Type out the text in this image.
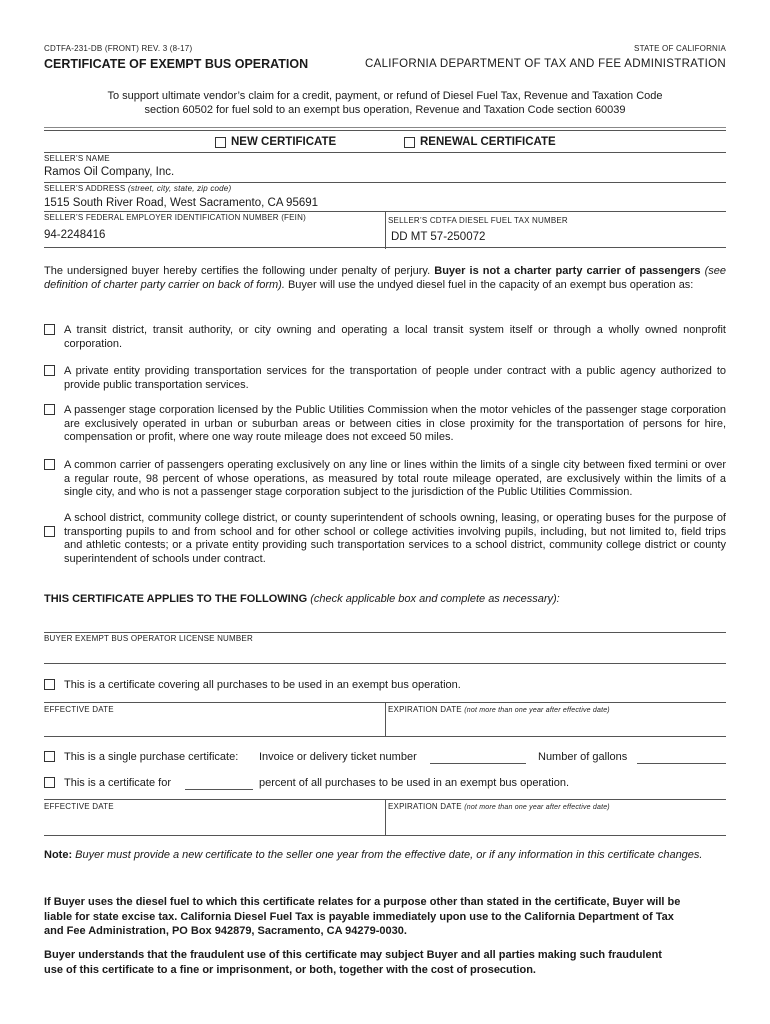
CDTFA-231-DB (FRONT) REV. 3 (8-17)	STATE OF CALIFORNIA
CERTIFICATE OF EXEMPT BUS OPERATION	CALIFORNIA DEPARTMENT OF TAX AND FEE ADMINISTRATION
To support ultimate vendor’s claim for a credit, payment, or refund of Diesel Fuel Tax, Revenue and Taxation Code
section 60502 for fuel sold to an exempt bus operation, Revenue and Taxation Code section 60039
NEW CERTIFICATE	RENEWAL CERTIFICATE
SELLER’S NAME
Ramos Oil Company, Inc.
SELLER’S ADDRESS (street, city, state, zip code)
1515 South River Road, West Sacramento, CA 95691
SELLER’S FEDERAL EMPLOYER IDENTIFICATION NUMBER (FEIN)
94-2248416
SELLER’S CDTFA DIESEL FUEL TAX NUMBER
DD MT 57-250072
The undersigned buyer hereby certifies the following under penalty of perjury. Buyer is not a charter party carrier of passengers (see definition of charter party carrier on back of form). Buyer will use the undyed diesel fuel in the capacity of an exempt bus operation as:
A transit district, transit authority, or city owning and operating a local transit system itself or through a wholly owned nonprofit corporation.
A private entity providing transportation services for the transportation of people under contract with a public agency authorized to provide public transportation services.
A passenger stage corporation licensed by the Public Utilities Commission when the motor vehicles of the passenger stage corporation are exclusively operated in urban or suburban areas or between cities in close proximity for the transportation of persons for hire, compensation or profit, where one way route mileage does not exceed 50 miles.
A common carrier of passengers operating exclusively on any line or lines within the limits of a single city between fixed termini or over a regular route, 98 percent of whose operations, as measured by total route mileage operated, are exclusively within the limits of a single city, and who is not a passenger stage corporation subject to the jurisdiction of the Public Utilities Commission.
A school district, community college district, or county superintendent of schools owning, leasing, or operating buses for the purpose of transporting pupils to and from school and for other school or college activities involving pupils, including, but not limited to, field trips and athletic contests; or a private entity providing such transportation services to a school district, community college district or county superintendent of schools under contract.
THIS CERTIFICATE APPLIES TO THE FOLLOWING (check applicable box and complete as necessary):
BUYER EXEMPT BUS OPERATOR LICENSE NUMBER
This is a certificate covering all purchases to be used in an exempt bus operation.
EFFECTIVE DATE	EXPIRATION DATE (not more than one year after effective date)
This is a single purchase certificate: Invoice or delivery ticket number	Number of gallons
This is a certificate for	percent of all purchases to be used in an exempt bus operation.
EFFECTIVE DATE	EXPIRATION DATE (not more than one year after effective date)
Note: Buyer must provide a new certificate to the seller one year from the effective date, or if any information in this certificate changes.
If Buyer uses the diesel fuel to which this certificate relates for a purpose other than stated in the certificate, Buyer will be
liable for state excise tax. California Diesel Fuel Tax is payable immediately upon use to the California Department of Tax
and Fee Administration, PO Box 942879, Sacramento, CA 94279-0030.
Buyer understands that the fraudulent use of this certificate may subject Buyer and all parties making such fraudulent
use of this certificate to a fine or imprisonment, or both, together with the cost of prosecution.
